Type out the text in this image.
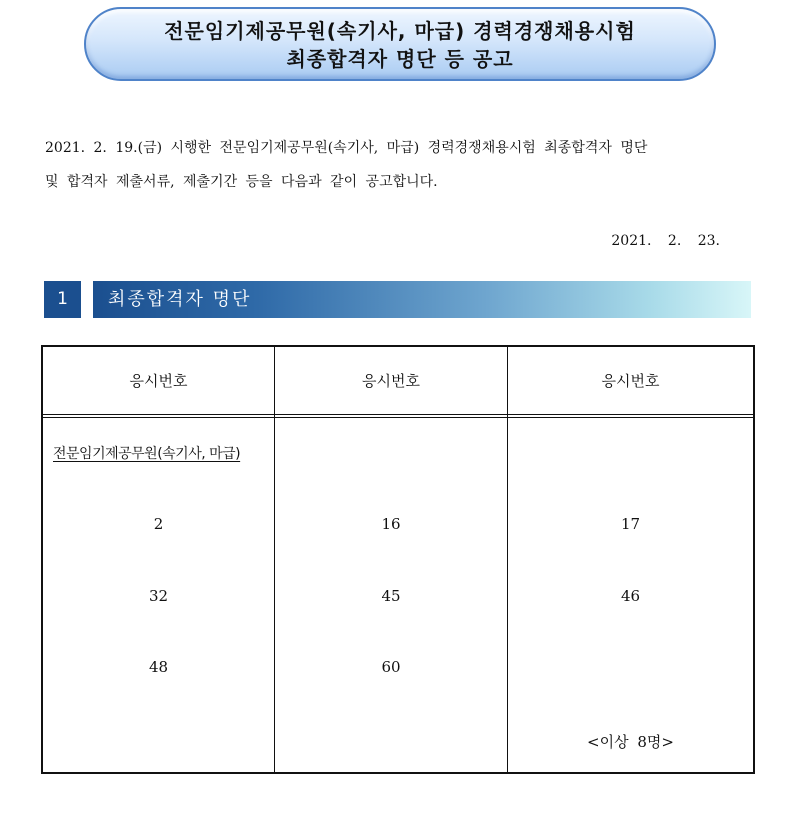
전문임기제공무원(속기사, 마급) 경력경쟁채용시험
최종합격자 명단 등 공고
2021. 2. 19.(금) 시행한 전문임기제공무원(속기사, 마급) 경력경쟁채용시험 최종합격자 명단
및 합격자 제출서류, 제출기간 등을 다음과 같이 공고합니다.
2021. 2. 23.
1	최종합격자 명단
응시번호	응시번호	응시번호
전문임기제공무원(속기사, 마급)
2	16	17
32	45	46
48	60
<이상 8명>
